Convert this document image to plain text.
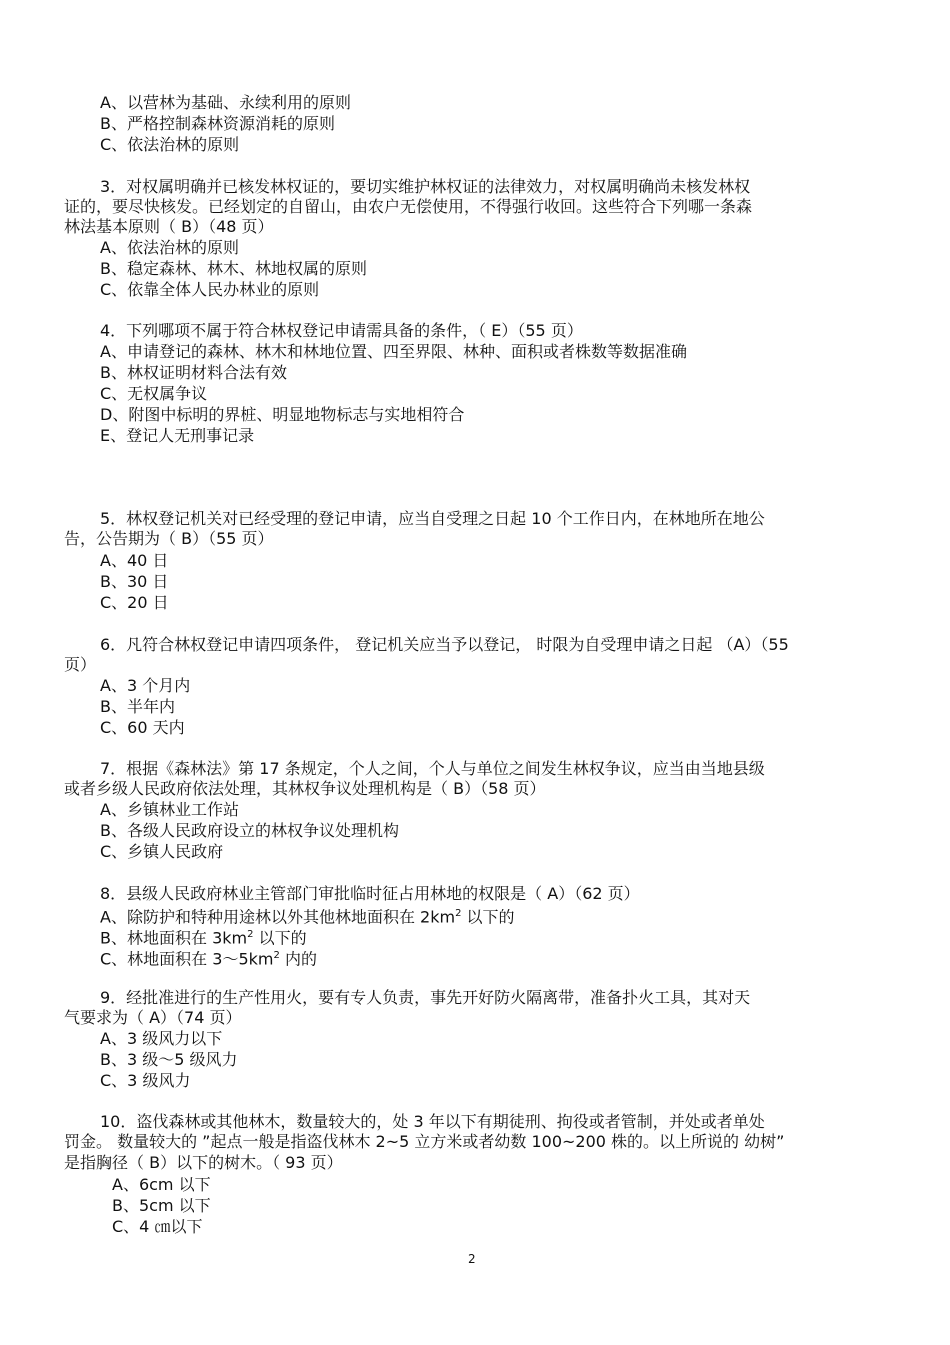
A、以营林为基础、永续利用的原则
B、严格控制森林资源消耗的原则
C、依法治林的原则
3．对权属明确并已核发林权证的，要切实维护林权证的法律效力，对权属明确尚未核发林权
证的，要尽快核发。已经划定的自留山，由农户无偿使用，不得强行收回。这些符合下列哪一条森
林法基本原则（ B）（48 页）
A、依法治林的原则
B、稳定森林、林木、林地权属的原则
C、依靠全体人民办林业的原则
4．下列哪项不属于符合林权登记申请需具备的条件，（ E）（55 页）
A、申请登记的森林、林木和林地位置、四至界限、林种、面积或者株数等数据准确
B、林权证明材料合法有效
C、无权属争议
D、附图中标明的界桩、明显地物标志与实地相符合
E、登记人无刑事记录
5．林权登记机关对已经受理的登记申请，应当自受理之日起 10 个工作日内，在林地所在地公
告，公告期为（ B）（55 页）
A、40 日
B、30 日
C、20 日
6．凡符合林权登记申请四项条件， 登记机关应当予以登记， 时限为自受理申请之日起 （A）（55
页）
A、3 个月内
B、半年内
C、60 天内
7．根据《森林法》第 17 条规定，个人之间，个人与单位之间发生林权争议，应当由当地县级
或者乡级人民政府依法处理，其林权争议处理机构是（ B）（58 页）
A、乡镇林业工作站
B、各级人民政府设立的林权争议处理机构
C、乡镇人民政府
8．县级人民政府林业主管部门审批临时征占用林地的权限是（ A）（62 页）
A、除防护和特种用途林以外其他林地面积在 $2km^2$ 以下的
B、林地面积在 $3km^2$ 以下的
C、林地面积在 $3\sim 5km^2$ 内的
9．经批准进行的生产性用火，要有专人负责，事先开好防火隔离带，准备扑火工具，其对天
气要求为（ A）（74 页）
A、3 级风力以下
B、3 级～5 级风力
C、3 级风力
10．盗伐森林或其他林木，数量较大的，处 3 年以下有期徒刑、拘役或者管制，并处或者单处
罚金。 数量较大的 ”起点一般是指盗伐林木 2~5 立方米或者幼数 100~200 株的。以上所说的 幼树”
是指胸径（ B）以下的树木。（ 93 页）
A、6cm 以下
B、5cm 以下
C、4 ㎝以下
2
